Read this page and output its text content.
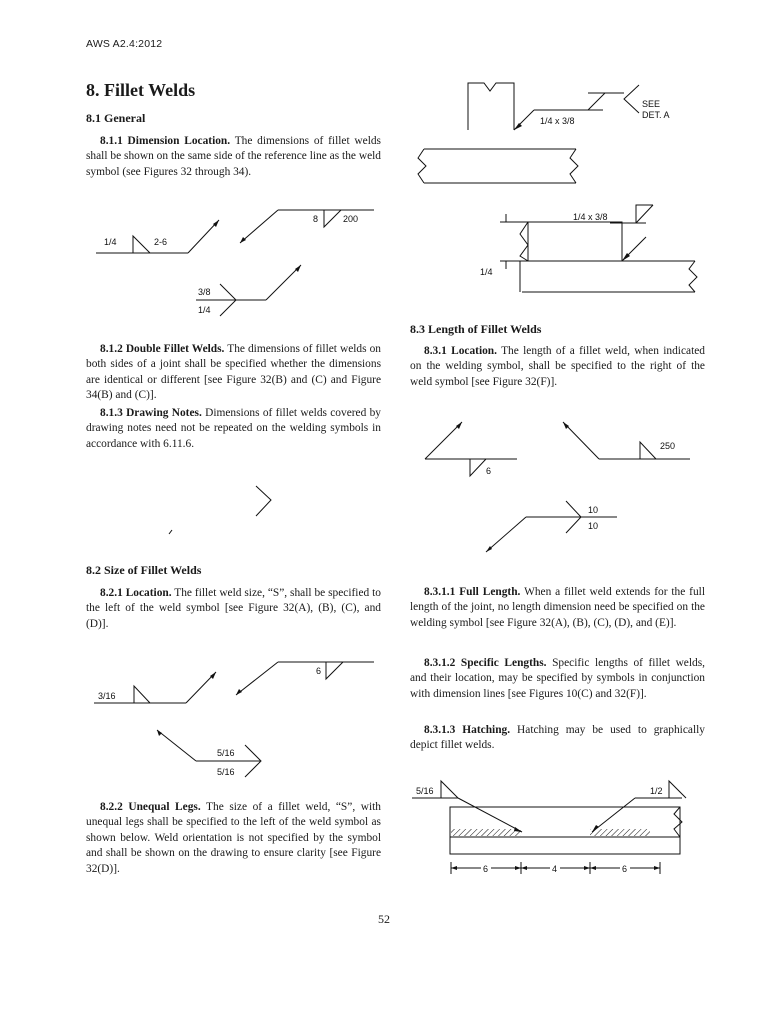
AWS A2.4:2012
8. Fillet Welds
8.1 General

8.1.1 Dimension Location. The dimensions of fillet welds shall be shown on the same side of the reference line as the weld symbol (see Figures 32 through 34).

1/4	2-6
8	200
3/8
1/4

8.1.2 Double Fillet Welds. The dimensions of fillet welds on both sides of a joint shall be specified whether the dimensions are identical or different [see Figure 32(B) and (C) and Figure 34(B) and (C)].

8.1.3 Drawing Notes. Dimensions of fillet welds covered by drawing notes need not be repeated on the welding symbols in accordance with 6.11.6.

8.2 Size of Fillet Welds

8.2.1 Location. The fillet weld size, “S”, shall be specified to the left of the weld symbol [see Figure 32(A), (B), (C), and (D)].

3/16
6
5/16
5/16

8.2.2 Unequal Legs. The size of a fillet weld, “S”, with unequal legs shall be specified to the left of the weld symbol as shown below. Weld orientation is not specified by the symbol and shall be shown on the drawing to ensure clarity [see Figure 32(D)].

1/4 x 3/8
SEE
DET. A
1/4 x 3/8
1/4
8.3 Length of Fillet Welds

8.3.1 Location. The length of a fillet weld, when indicated on the welding symbol, shall be specified to the right of the weld symbol [see Figure 32(F)].

6
250
10
10

8.3.1.1 Full Length. When a fillet weld extends for the full length of the joint, no length dimension need be specified on the welding symbol [see Figure 32(A), (B), (C), (D), and (E)].

8.3.1.2 Specific Lengths. Specific lengths of fillet welds, and their location, may be specified by symbols in conjunction with dimension lines [see Figures 10(C) and 32(F)].

8.3.1.3 Hatching. Hatching may be used to graphically depict fillet welds.

5/16	1/2
6	4	6
52
